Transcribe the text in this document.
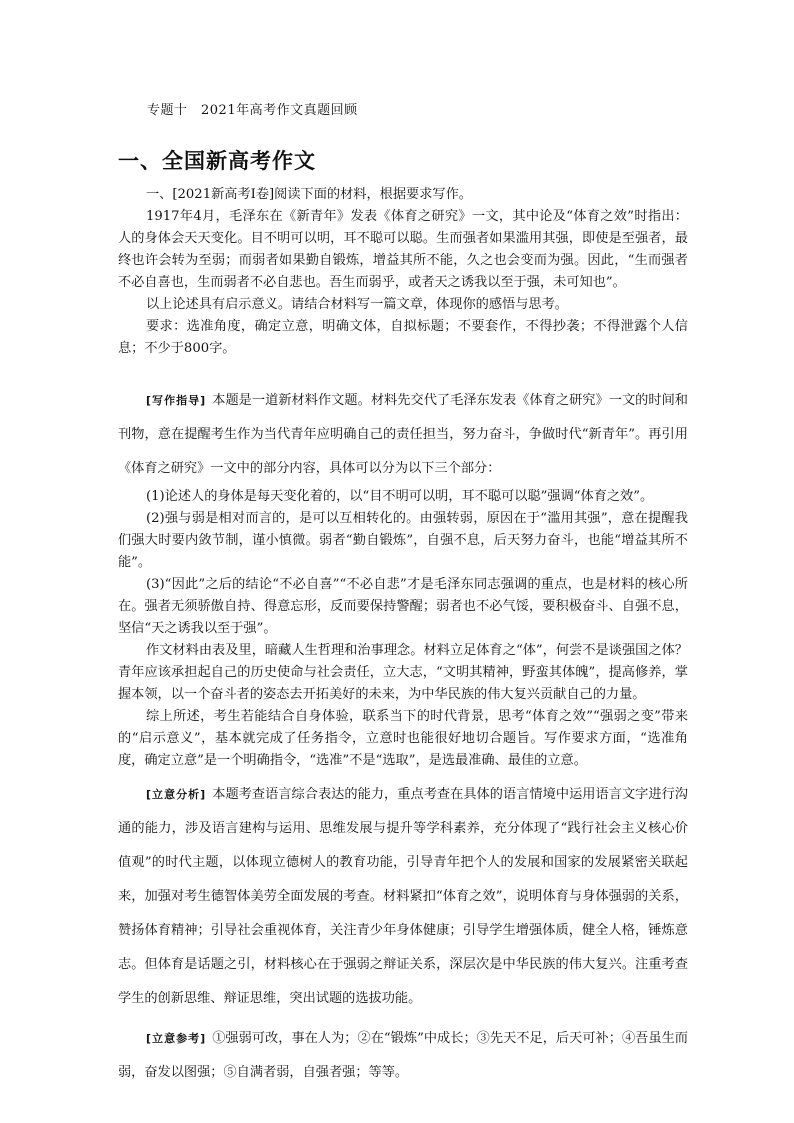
专题十　2021年高考作文真题回顾
一、全国新高考作文

一、[2021新高考Ⅰ卷]阅读下面的材料，根据要求写作。

1917年4月，毛泽东在《新青年》发表《体育之研究》一文，其中论及“体育之效”时指出：人的身体会天天变化。目不明可以明，耳不聪可以聪。生而强者如果滥用其强，即使是至强者，最终也许会转为至弱；而弱者如果勤自锻炼，增益其所不能，久之也会变而为强。因此，“生而强者不必自喜也，生而弱者不必自悲也。吾生而弱乎，或者天之诱我以至于强，未可知也”。

以上论述具有启示意义。请结合材料写一篇文章，体现你的感悟与思考。

要求：选准角度，确定立意，明确文体，自拟标题；不要套作，不得抄袭；不得泄露个人信息；不少于800字。

[写作指导] 本题是一道新材料作文题。材料先交代了毛泽东发表《体育之研究》一文的时间和刊物，意在提醒考生作为当代青年应明确自己的责任担当，努力奋斗，争做时代“新青年”。再引用《体育之研究》一文中的部分内容，具体可以分为以下三个部分：

(1)论述人的身体是每天变化着的，以“目不明可以明，耳不聪可以聪”强调“体育之效”。

(2)强与弱是相对而言的，是可以互相转化的。由强转弱，原因在于“滥用其强”，意在提醒我们强大时要内敛节制，谨小慎微。弱者“勤自锻炼”，自强不息，后天努力奋斗，也能“增益其所不能”。

(3)“因此”之后的结论“不必自喜”“不必自悲”才是毛泽东同志强调的重点，也是材料的核心所在。强者无须骄傲自持、得意忘形，反而要保持警醒；弱者也不必气馁，要积极奋斗、自强不息，坚信“天之诱我以至于强”。

作文材料由表及里，暗藏人生哲理和治事理念。材料立足体育之“体”，何尝不是谈强国之体？青年应该承担起自己的历史使命与社会责任，立大志，“文明其精神，野蛮其体魄”，提高修养，掌握本领，以一个奋斗者的姿态去开拓美好的未来，为中华民族的伟大复兴贡献自己的力量。

综上所述，考生若能结合自身体验，联系当下的时代背景，思考“体育之效”“强弱之变”带来的“启示意义”，基本就完成了任务指令，立意时也能很好地切合题旨。写作要求方面，“选准角度，确定立意”是一个明确指令，“选准”不是“选取”，是选最准确、最佳的立意。

[立意分析] 本题考查语言综合表达的能力，重点考查在具体的语言情境中运用语言文字进行沟通的能力，涉及语言建构与运用、思维发展与提升等学科素养，充分体现了“践行社会主义核心价值观”的时代主题，以体现立德树人的教育功能，引导青年把个人的发展和国家的发展紧密关联起来，加强对考生德智体美劳全面发展的考查。材料紧扣“体育之效”，说明体育与身体强弱的关系，赞扬体育精神；引导社会重视体育，关注青少年身体健康；引导学生增强体质，健全人格，锤炼意志。但体育是话题之引，材料核心在于强弱之辩证关系，深层次是中华民族的伟大复兴。注重考查学生的创新思维、辩证思维，突出试题的选拔功能。

[立意参考] ①强弱可改，事在人为；②在“锻炼”中成长；③先天不足，后天可补；④吾虽生而弱，奋发以图强；⑤自满者弱，自强者强；等等。
